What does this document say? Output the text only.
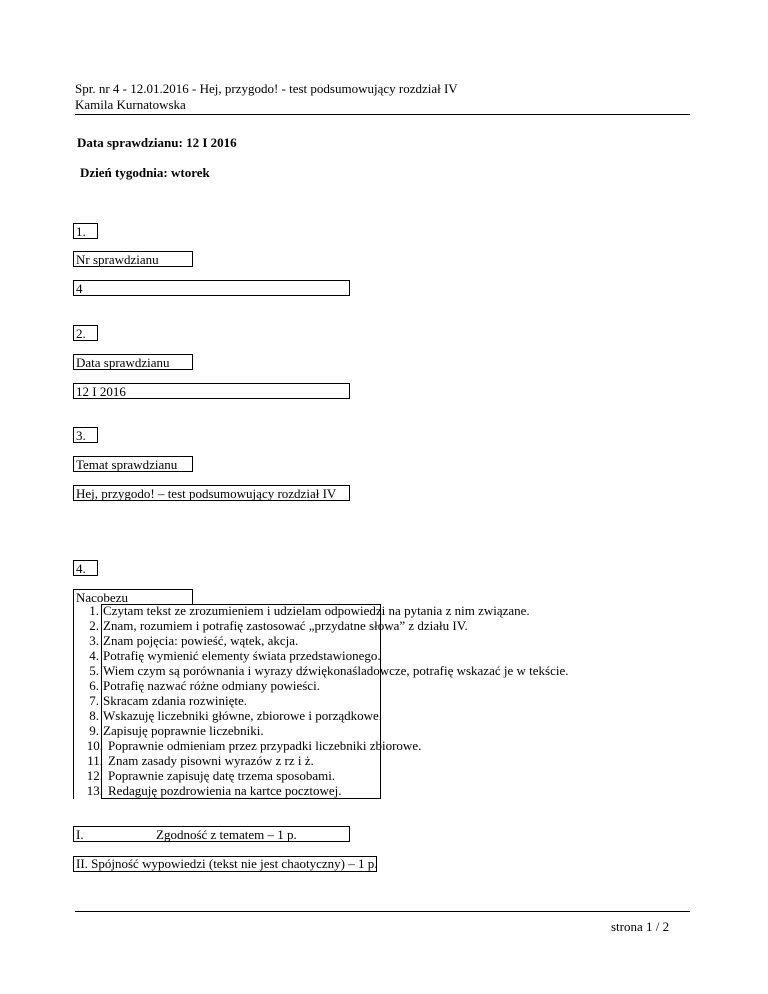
Spr. nr 4 - 12.01.2016 - Hej, przygodo! - test podsumowujący rozdział IV
Kamila Kurnatowska
Data sprawdzianu: 12 I 2016
Dzień tygodnia: wtorek
1.
Nr sprawdzianu
4
2.
Data sprawdzianu
12 I 2016
3.
Temat sprawdzianu
Hej, przygodo! – test podsumowujący rozdział IV
4.
Nacobezu
1. Czytam tekst ze zrozumieniem i udzielam odpowiedzi na pytania z nim związane.
2. Znam, rozumiem i potrafię zastosować „przydatne słowa” z działu IV.
3. Znam pojęcia: powieść, wątek, akcja.
4. Potrafię wymienić elementy świata przedstawionego.
5. Wiem czym są porównania i wyrazy dźwiękonaśladowcze, potrafię wskazać je w tekście.
6. Potrafię nazwać różne odmiany powieści.
7. Skracam zdania rozwinięte.
8. Wskazuję liczebniki główne, zbiorowe i porządkowe.
9. Zapisuję poprawnie liczebniki.
10. Poprawnie odmieniam przez przypadki liczebniki zbiorowe.
11. Znam zasady pisowni wyrazów z rz i ż.
12. Poprawnie zapisuję datę trzema sposobami.
13. Redaguję pozdrowienia na kartce pocztowej.
I.	Zgodność z tematem – 1 p.
II. Spójność wypowiedzi (tekst nie jest chaotyczny) – 1 p.
strona 1 / 2
